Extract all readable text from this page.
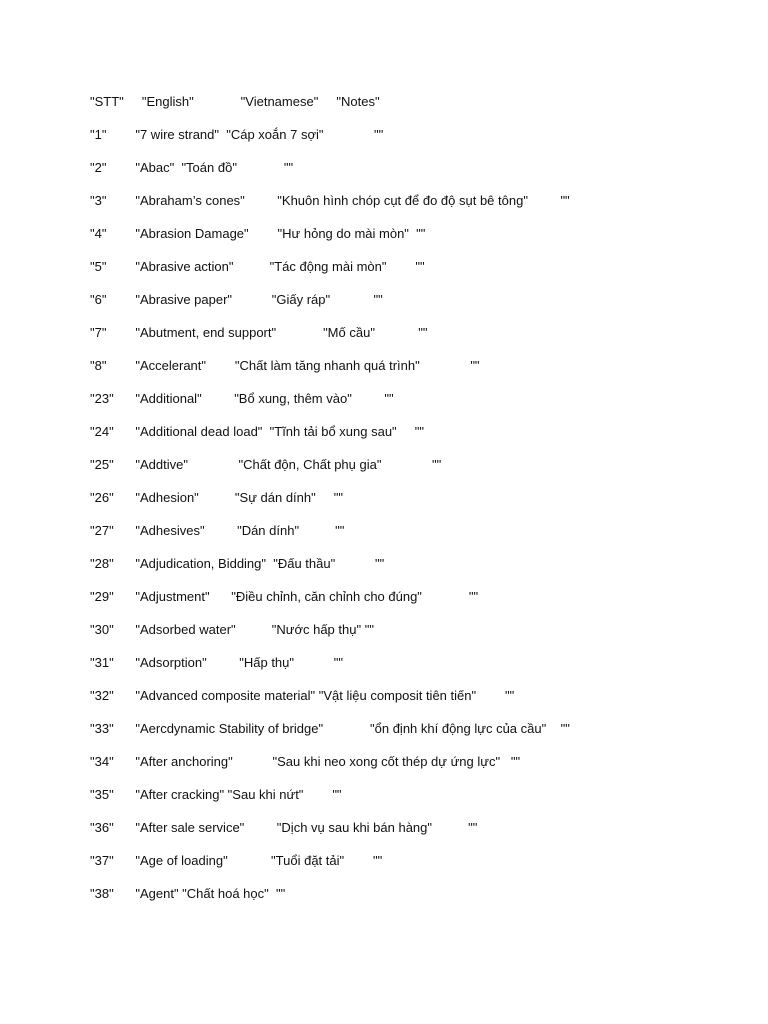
"STT"     "English"             "Vietnamese"     "Notes"
"1"        "7 wire strand"  "Cáp xoắn 7 sợi"              ""
"2"        "Abac"  "Toán đồ"             ""
"3"        "Abraham’s cones"         "Khuôn hình chóp cụt để đo độ sụt bê tông"         ""
"4"        "Abrasion Damage"        "Hư hỏng do mài mòn"  ""
"5"        "Abrasive action"          "Tác động mài mòn"        ""
"6"        "Abrasive paper"           "Giấy ráp"            ""
"7"        "Abutment, end support"             "Mố cầu"            ""
"8"        "Accelerant"        "Chất làm tăng nhanh quá trình"              ""
"23"      "Additional"         "Bổ xung, thêm vào"         ""
"24"      "Additional dead load"  "Tĩnh tải bổ xung sau"     ""
"25"      "Addtive"              "Chất độn, Chất phụ gia"              ""
"26"      "Adhesion"          "Sự dán dính"     ""
"27"      "Adhesives"         "Dán dính"          ""
"28"      "Adjudication, Bidding"  "Đấu thầu"           ""
"29"      "Adjustment"      "Điều chỉnh, căn chỉnh cho đúng"             ""
"30"      "Adsorbed water"          "Nước hấp thụ" ""
"31"      "Adsorption"         "Hấp thụ"           ""
"32"      "Advanced composite material" "Vật liệu composit tiên tiến"        ""
"33"      "Aercdynamic Stability of bridge"             "ổn định khí động lực của cầu"    ""
"34"      "After anchoring"           "Sau khi neo xong cốt thép dự ứng lực"   ""
"35"      "After cracking" "Sau khi nứt"        ""
"36"      "After sale service"         "Dịch vụ sau khi bán hàng"          ""
"37"      "Age of loading"            "Tuổi đặt tải"        ""
"38"      "Agent" "Chất hoá học"  ""
